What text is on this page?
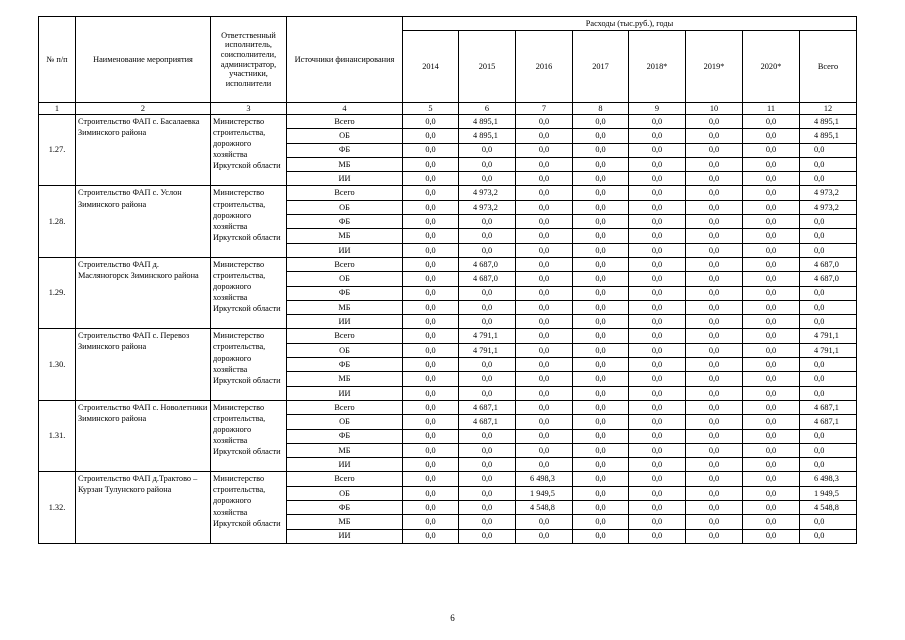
№ п/п	Наименование мероприятия	Ответственный исполнитель, соисполнители, администратор, участники, исполнители	Источники финансирования	Расходы (тыс.руб.), годы							
				2014	2015	2016	2017	2018*	2019*	2020*	Всего
1	2	3	4	5	6	7	8	9	10	11	12
1.27.	Строительство ФАП с. Басалаевка Зиминского района	Министерство строительства, дорожного хозяйства Иркутской области	Всего	0,0	4 895,1	0,0	0,0	0,0	0,0	0,0	4 895,1
			ОБ	0,0	4 895,1	0,0	0,0	0,0	0,0	0,0	4 895,1
			ФБ	0,0	0,0	0,0	0,0	0,0	0,0	0,0	0,0
			МБ	0,0	0,0	0,0	0,0	0,0	0,0	0,0	0,0
			ИИ	0,0	0,0	0,0	0,0	0,0	0,0	0,0	0,0
1.28.	Строительство ФАП с. Услон Зиминского района	Министерство строительства, дорожного хозяйства Иркутской области	Всего	0,0	4 973,2	0,0	0,0	0,0	0,0	0,0	4 973,2
			ОБ	0,0	4 973,2	0,0	0,0	0,0	0,0	0,0	4 973,2
			ФБ	0,0	0,0	0,0	0,0	0,0	0,0	0,0	0,0
			МБ	0,0	0,0	0,0	0,0	0,0	0,0	0,0	0,0
			ИИ	0,0	0,0	0,0	0,0	0,0	0,0	0,0	0,0
1.29.	Строительство ФАП д. Масляногорск Зиминского района	Министерство строительства, дорожного хозяйства Иркутской области	Всего	0,0	4 687,0	0,0	0,0	0,0	0,0	0,0	4 687,0
			ОБ	0,0	4 687,0	0,0	0,0	0,0	0,0	0,0	4 687,0
			ФБ	0,0	0,0	0,0	0,0	0,0	0,0	0,0	0,0
			МБ	0,0	0,0	0,0	0,0	0,0	0,0	0,0	0,0
			ИИ	0,0	0,0	0,0	0,0	0,0	0,0	0,0	0,0
1.30.	Строительство ФАП с. Перевоз Зиминского района	Министерство строительства, дорожного хозяйства Иркутской области	Всего	0,0	4 791,1	0,0	0,0	0,0	0,0	0,0	4 791,1
			ОБ	0,0	4 791,1	0,0	0,0	0,0	0,0	0,0	4 791,1
			ФБ	0,0	0,0	0,0	0,0	0,0	0,0	0,0	0,0
			МБ	0,0	0,0	0,0	0,0	0,0	0,0	0,0	0,0
			ИИ	0,0	0,0	0,0	0,0	0,0	0,0	0,0	0,0
1.31.	Строительство ФАП с. Новолетники Зиминского района	Министерство строительства, дорожного хозяйства Иркутской области	Всего	0,0	4 687,1	0,0	0,0	0,0	0,0	0,0	4 687,1
			ОБ	0,0	4 687,1	0,0	0,0	0,0	0,0	0,0	4 687,1
			ФБ	0,0	0,0	0,0	0,0	0,0	0,0	0,0	0,0
			МБ	0,0	0,0	0,0	0,0	0,0	0,0	0,0	0,0
			ИИ	0,0	0,0	0,0	0,0	0,0	0,0	0,0	0,0
1.32.	Строительство ФАП д.Трактово – Курзан Тулунского района	Министерство строительства, дорожного хозяйства Иркутской области	Всего	0,0	0,0	6 498,3	0,0	0,0	0,0	0,0	6 498,3
			ОБ	0,0	0,0	1 949,5	0,0	0,0	0,0	0,0	1 949,5
			ФБ	0,0	0,0	4 548,8	0,0	0,0	0,0	0,0	4 548,8
			МБ	0,0	0,0	0,0	0,0	0,0	0,0	0,0	0,0
			ИИ	0,0	0,0	0,0	0,0	0,0	0,0	0,0	0,0
6
